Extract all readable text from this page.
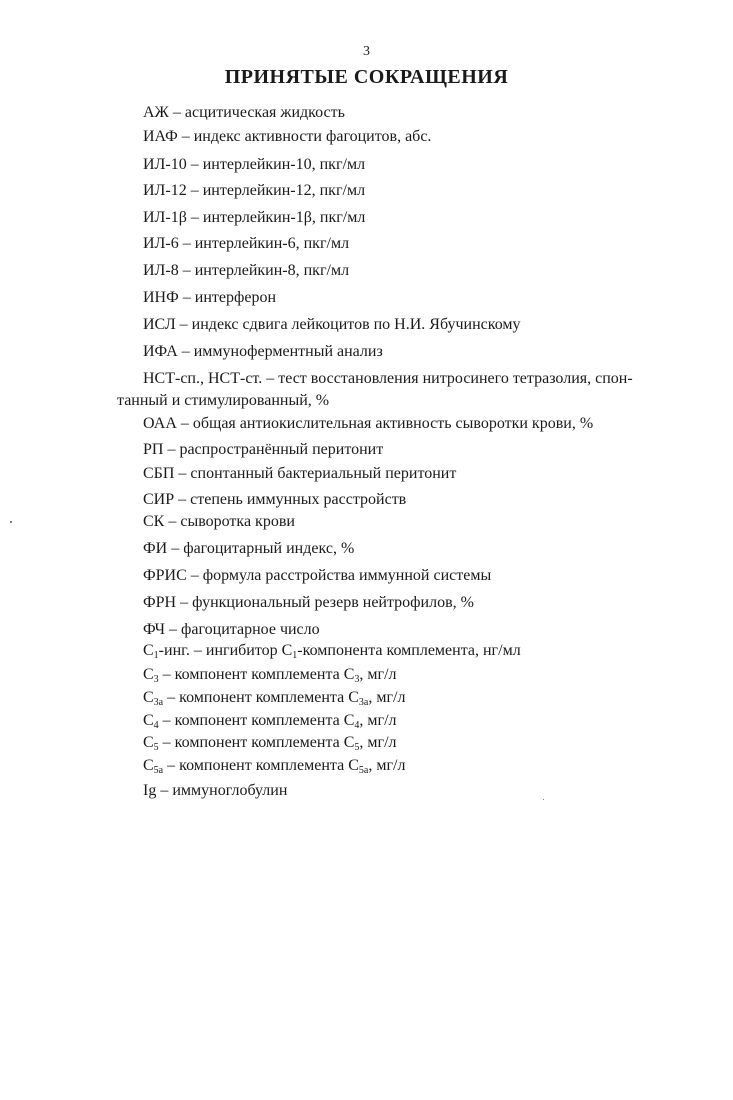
3
ПРИНЯТЫЕ СОКРАЩЕНИЯ
АЖ – асцитическая жидкость
ИАФ – индекс активности фагоцитов, абс.
ИЛ-10 – интерлейкин-10, пкг/мл
ИЛ-12 – интерлейкин-12, пкг/мл
ИЛ-1β – интерлейкин-1β, пкг/мл
ИЛ-6 – интерлейкин-6, пкг/мл
ИЛ-8 – интерлейкин-8, пкг/мл
ИНФ – интерферон
ИСЛ – индекс сдвига лейкоцитов по Н.И. Ябучинскому
ИФА – иммуноферментный анализ
НСТ-сп., НСТ-ст. – тест восстановления нитросинего тетразолия, спон-
танный и стимулированный, %
ОАА – общая антиокислительная активность сыворотки крови, %
РП – распространённый перитонит
СБП – спонтанный бактериальный перитонит
СИР – степень иммунных расстройств
СК – сыворотка крови
ФИ – фагоцитарный индекс, %
ФРИС – формула расстройства иммунной системы
ФРН – функциональный резерв нейтрофилов, %
ФЧ – фагоцитарное число
$C_1$-инг. – ингибитор $C_1$-компонента комплемента, нг/мл
$C_3$ – компонент комплемента $C_3$, мг/л
$C_{3a}$ – компонент комплемента $C_{3a}$, мг/л
$C_4$ – компонент комплемента $C_4$, мг/л
$C_5$ – компонент комплемента $C_5$, мг/л
$C_{5a}$ – компонент комплемента $C_{5a}$, мг/л
Ig – иммуноглобулин
